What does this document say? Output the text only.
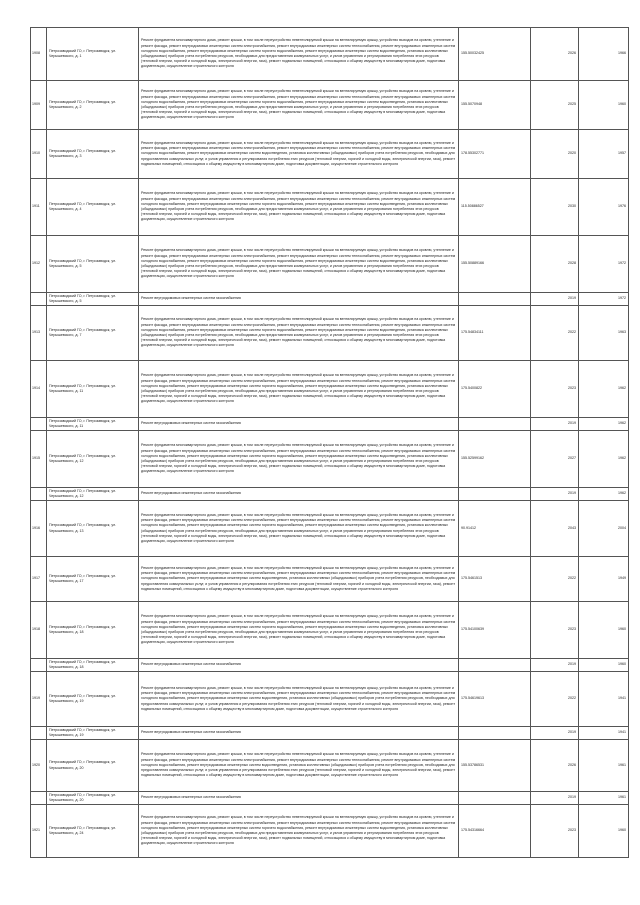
1908	Петрозаводский ГО, г. Петрозаводск, ул. Черышевского, д. 1	Ремонт фундамента многоквартирного дома, ремонт крыши, в том числе переустройство невентилируемой крыши на вентилируемую крышу, устройство выходов на кровлю, утепление и ремонт фасада, ремонт внутридомовых инженерных систем электроснабжения, ремонт внутридомовых инженерных систем теплоснабжения, ремонт внутридомовых инженерных систем холодного водоснабжения, ремонт внутридомовых инженерных систем горячего водоснабжения, ремонт внутридомовых инженерных систем водоотведения, установка коллективных (общедомовых) приборов учета потребления ресурсов, необходимых для предоставления коммунальных услуг, и узлов управления и регулирования потребления этих ресурсов (тепловой энергии, горячей и холодной воды, электрической энергии, газа), ремонт подвальных помещений, относящихся к общему имуществу в многоквартирном доме, подготовка документации, осуществление строительного контроля	155.50032425	2026	1966
1909	Петрозаводский ГО, г. Петрозаводск, ул. Черышевского, д. 2	Ремонт фундамента многоквартирного дома, ремонт крыши, в том числе переустройство невентилируемой крыши на вентилируемую крышу, устройство выходов на кровлю, утепление и ремонт фасада, ремонт внутридомовых инженерных систем электроснабжения, ремонт внутридомовых инженерных систем теплоснабжения, ремонт внутридомовых инженерных систем холодного водоснабжения, ремонт внутридомовых инженерных систем горячего водоснабжения, ремонт внутридомовых инженерных систем водоотведения, установка коллективных (общедомовых) приборов учета потребления ресурсов, необходимых для предоставления коммунальных услуг, и узлов управления и регулирования потребления этих ресурсов (тепловой энергии, горячей и холодной воды, электрической энергии, газа), ремонт подвальных помещений, относящихся к общему имуществу в многоквартирном доме, подготовка документации, осуществление строительного контроля	155.5070948	2025	1960
1910	Петрозаводский ГО, г. Петрозаводск, ул. Черышевского, д. 3	Ремонт фундамента многоквартирного дома, ремонт крыши, в том числе переустройство невентилируемой крыши на вентилируемую крышу, устройство выходов на кровлю, утепление и ремонт фасада, ремонт внутридомовых инженерных систем электроснабжения, ремонт внутридомовых инженерных систем теплоснабжения, ремонт внутридомовых инженерных систем холодного водоснабжения, ремонт внутридомовых инженерных систем водоотведения, установка коллективных (общедомовых) приборов учета потребления ресурсов, необходимых для предоставления коммунальных услуг, и узлов управления и регулирования потребления этих ресурсов (тепловой энергии, горячей и холодной воды, электрической энергии, газа), ремонт подвальных помещений, относящихся к общему имуществу в многоквартирном доме, подготовка документации, осуществление строительного контроля	178.55302771	2020	1957
1911	Петрозаводский ГО, г. Петрозаводск, ул. Черышевского, д. 4	Ремонт фундамента многоквартирного дома, ремонт крыши, в том числе переустройство невентилируемой крыши на вентилируемую крышу, устройство выходов на кровлю, утепление и ремонт фасада, ремонт внутридомовых инженерных систем электроснабжения, ремонт внутридомовых инженерных систем теплоснабжения, ремонт внутридомовых инженерных систем холодного водоснабжения, ремонт внутридомовых инженерных систем горячего водоснабжения, ремонт внутридомовых инженерных систем водоотведения, установка коллективных (общедомовых) приборов учета потребления ресурсов, необходимых для предоставления коммунальных услуг, и узлов управления и регулирования потребления этих ресурсов (тепловой энергии, горячей и холодной воды, электрической энергии, газа), ремонт подвальных помещений, относящихся к общему имуществу в многоквартирном доме, подготовка документации, осуществление строительного контроля	115.50886527	2030	1976
1912	Петрозаводский ГО, г. Петрозаводск, ул. Черышевского, д. 5	Ремонт фундамента многоквартирного дома, ремонт крыши, в том числе переустройство невентилируемой крыши на вентилируемую крышу, устройство выходов на кровлю, утепление и ремонт фасада, ремонт внутридомовых инженерных систем электроснабжения, ремонт внутридомовых инженерных систем теплоснабжения, ремонт внутридомовых инженерных систем холодного водоснабжения, ремонт внутридомовых инженерных систем горячего водоснабжения, ремонт внутридомовых инженерных систем водоотведения, установка коллективных (общедомовых) приборов учета потребления ресурсов, необходимых для предоставления коммунальных услуг, и узлов управления и регулирования потребления этих ресурсов (тепловой энергии, горячей и холодной воды, электрической энергии, газа), ремонт подвальных помещений, относящихся к общему имуществу в многоквартирном доме, подготовка документации, осуществление строительного контроля	155.50889166	2028	1972
	Петрозаводский ГО, г. Петрозаводск, ул. Черышевского, д. 5	Ремонт внутридомовых инженерных систем газоснабжения		2019	1972
1913	Петрозаводский ГО, г. Петрозаводск, ул. Черышевского, д. 7	Ремонт фундамента многоквартирного дома, ремонт крыши, в том числе переустройство невентилируемой крыши на вентилируемую крышу, устройство выходов на кровлю, утепление и ремонт фасада, ремонт внутридомовых инженерных систем электроснабжения, ремонт внутридомовых инженерных систем теплоснабжения, ремонт внутридомовых инженерных систем холодного водоснабжения, ремонт внутридомовых инженерных систем горячего водоснабжения, ремонт внутридомовых инженерных систем водоотведения, установка коллективных (общедомовых) приборов учета потребления ресурсов, необходимых для предоставления коммунальных услуг, и узлов управления и регулирования потребления этих ресурсов (тепловой энергии, горячей и холодной воды, электрической энергии, газа), ремонт подвальных помещений, относящихся к общему имуществу в многоквартирном доме, подготовка документации, осуществление строительного контроля	175.54834111	2022	1963
1914	Петрозаводский ГО, г. Петрозаводск, ул. Черышевского, д. 11	Ремонт фундамента многоквартирного дома, ремонт крыши, в том числе переустройство невентилируемой крыши на вентилируемую крышу, устройство выходов на кровлю, утепление и ремонт фасада, ремонт внутридомовых инженерных систем электроснабжения, ремонт внутридомовых инженерных систем теплоснабжения, ремонт внутридомовых инженерных систем холодного водоснабжения, ремонт внутридомовых инженерных систем горячего водоснабжения, ремонт внутридомовых инженерных систем водоотведения, установка коллективных (общедомовых) приборов учета потребления ресурсов, необходимых для предоставления коммунальных услуг, и узлов управления и регулирования потребления этих ресурсов (тепловой энергии, горячей и холодной воды, электрической энергии, газа), ремонт подвальных помещений, относящихся к общему имуществу в многоквартирном доме, подготовка документации, осуществление строительного контроля	175.5400822	2023	1962
	Петрозаводский ГО, г. Петрозаводск, ул. Черышевского, д. 11	Ремонт внутридомовых инженерных систем газоснабжения		2019	1962
1915	Петрозаводский ГО, г. Петрозаводск, ул. Черышевского, д. 12	Ремонт фундамента многоквартирного дома, ремонт крыши, в том числе переустройство невентилируемой крыши на вентилируемую крышу, устройство выходов на кровлю, утепление и ремонт фасада, ремонт внутридомовых инженерных систем электроснабжения, ремонт внутридомовых инженерных систем теплоснабжения, ремонт внутридомовых инженерных систем холодного водоснабжения, ремонт внутридомовых инженерных систем горячего водоснабжения, ремонт внутридомовых инженерных систем водоотведения, установка коллективных (общедомовых) приборов учета потребления ресурсов, необходимых для предоставления коммунальных услуг, и узлов управления и регулирования потребления этих ресурсов (тепловой энергии, горячей и холодной воды, электрической энергии, газа), ремонт подвальных помещений, относящихся к общему имуществу в многоквартирном доме, подготовка документации, осуществление строительного контроля	155.52599162	2027	1962
	Петрозаводский ГО, г. Петрозаводск, ул. Черышевского, д. 12	Ремонт внутридомовых инженерных систем газоснабжения		2019	1962
1916	Петрозаводский ГО, г. Петрозаводск, ул. Черышевского, д. 13	Ремонт фундамента многоквартирного дома, ремонт крыши, в том числе переустройство невентилируемой крыши на вентилируемую крышу, устройство выходов на кровлю, утепление и ремонт фасада, ремонт внутридомовых инженерных систем электроснабжения, ремонт внутридомовых инженерных систем теплоснабжения, ремонт внутридомовых инженерных систем холодного водоснабжения, ремонт внутридомовых инженерных систем горячего водоснабжения, ремонт внутридомовых инженерных систем водоотведения, установка коллективных (общедомовых) приборов учета потребления ресурсов, необходимых для предоставления коммунальных услуг, и узлов управления и регулирования потребления этих ресурсов (тепловой энергии, горячей и холодной воды, электрической энергии, газа), ремонт подвальных помещений, относящихся к общему имуществу в многоквартирном доме, подготовка документации, осуществление строительного контроля	90.91412	2043	2004
1917	Петрозаводский ГО, г. Петрозаводск, ул. Черышевского, д. 17	Ремонт фундамента многоквартирного дома, ремонт крыши, в том числе переустройство невентилируемой крыши на вентилируемую крышу, устройство выходов на кровлю, утепление и ремонт фасада, ремонт внутридомовых инженерных систем электроснабжения, ремонт внутридомовых инженерных систем теплоснабжения, ремонт внутридомовых инженерных систем холодного водоснабжения, ремонт внутридомовых инженерных систем водоотведения, установка коллективных (общедомовых) приборов учета потребления ресурсов, необходимых для предоставления коммунальных услуг, и узлов управления и регулирования потребления этих ресурсов (тепловой энергии, горячей и холодной воды, электрической энергии, газа), ремонт подвальных помещений, относящихся к общему имуществу в многоквартирном доме, подготовка документации, осуществление строительного контроля	175.5461513	2022	1949
1918	Петрозаводский ГО, г. Петрозаводск, ул. Черышевского, д. 18	Ремонт фундамента многоквартирного дома, ремонт крыши, в том числе переустройство невентилируемой крыши на вентилируемую крышу, устройство выходов на кровлю, утепление и ремонт фасада, ремонт внутридомовых инженерных систем электроснабжения, ремонт внутридомовых инженерных систем теплоснабжения, ремонт внутридомовых инженерных систем холодного водоснабжения, ремонт внутридомовых инженерных систем горячего водоснабжения, ремонт внутридомовых инженерных систем водоотведения, установка коллективных (общедомовых) приборов учета потребления ресурсов, необходимых для предоставления коммунальных услуг, и узлов управления и регулирования потребления этих ресурсов (тепловой энергии, горячей и холодной воды, электрической энергии, газа), ремонт подвальных помещений, относящихся к общему имуществу в многоквартирном доме, подготовка документации, осуществление строительного контроля	175.54100639	2023	1960
	Петрозаводский ГО, г. Петрозаводск, ул. Черышевского, д. 18	Ремонт внутридомовых инженерных систем газоснабжения		2019	1960
1919	Петрозаводский ГО, г. Петрозаводск, ул. Черышевского, д. 19	Ремонт фундамента многоквартирного дома, ремонт крыши, в том числе переустройство невентилируемой крыши на вентилируемую крышу, устройство выходов на кровлю, утепление и ремонт фасада, ремонт внутридомовых инженерных систем электроснабжения, ремонт внутридомовых инженерных систем теплоснабжения, ремонт внутридомовых инженерных систем холодного водоснабжения, ремонт внутридомовых инженерных систем водоотведения, установка коллективных (общедомовых) приборов учета потребления ресурсов, необходимых для предоставления коммунальных услуг, и узлов управления и регулирования потребления этих ресурсов (тепловой энергии, горячей и холодной воды, электрической энергии, газа), ремонт подвальных помещений, относящихся к общему имуществу в многоквартирном доме, подготовка документации, осуществление строительного контроля	175.54619613	2022	1941
	Петрозаводский ГО, г. Петрозаводск, ул. Черышевского, д. 19	Ремонт внутридомовых инженерных систем газоснабжения		2019	1941
1920	Петрозаводский ГО, г. Петрозаводск, ул. Черышевского, д. 20	Ремонт фундамента многоквартирного дома, ремонт крыши, в том числе переустройство невентилируемой крыши на вентилируемую крышу, устройство выходов на кровлю, утепление и ремонт фасада, ремонт внутридомовых инженерных систем электроснабжения, ремонт внутридомовых инженерных систем теплоснабжения, ремонт внутридомовых инженерных систем холодного водоснабжения, ремонт внутридомовых инженерных систем водоотведения, установка коллективных (общедомовых) приборов учета потребления ресурсов, необходимых для предоставления коммунальных услуг, и узлов управления и регулирования потребления этих ресурсов (тепловой энергии, горячей и холодной воды, электрической энергии, газа), ремонт подвальных помещений, относящихся к общему имуществу в многоквартирном доме, подготовка документации, осуществление строительного контроля	155.53786531	2026	1961
	Петрозаводский ГО, г. Петрозаводск, ул. Черышевского, д. 20	Ремонт внутридомовых инженерных систем газоснабжения		2019	1961
1921	Петрозаводский ГО, г. Петрозаводск, ул. Черышевского, д. 24	Ремонт фундамента многоквартирного дома, ремонт крыши, в том числе переустройство невентилируемой крыши на вентилируемую крышу, устройство выходов на кровлю, утепление и ремонт фасада, ремонт внутридомовых инженерных систем электроснабжения, ремонт внутридомовых инженерных систем теплоснабжения, ремонт внутридомовых инженерных систем холодного водоснабжения, ремонт внутридомовых инженерных систем горячего водоснабжения, ремонт внутридомовых инженерных систем водоотведения, установка коллективных (общедомовых) приборов учета потребления ресурсов, необходимых для предоставления коммунальных услуг, и узлов управления и регулирования потребления этих ресурсов (тепловой энергии, горячей и холодной воды, электрической энергии, газа), ремонт подвальных помещений, относящихся к общему имуществу в многоквартирном доме, подготовка документации, осуществление строительного контроля	175.54316664	2023	1960
